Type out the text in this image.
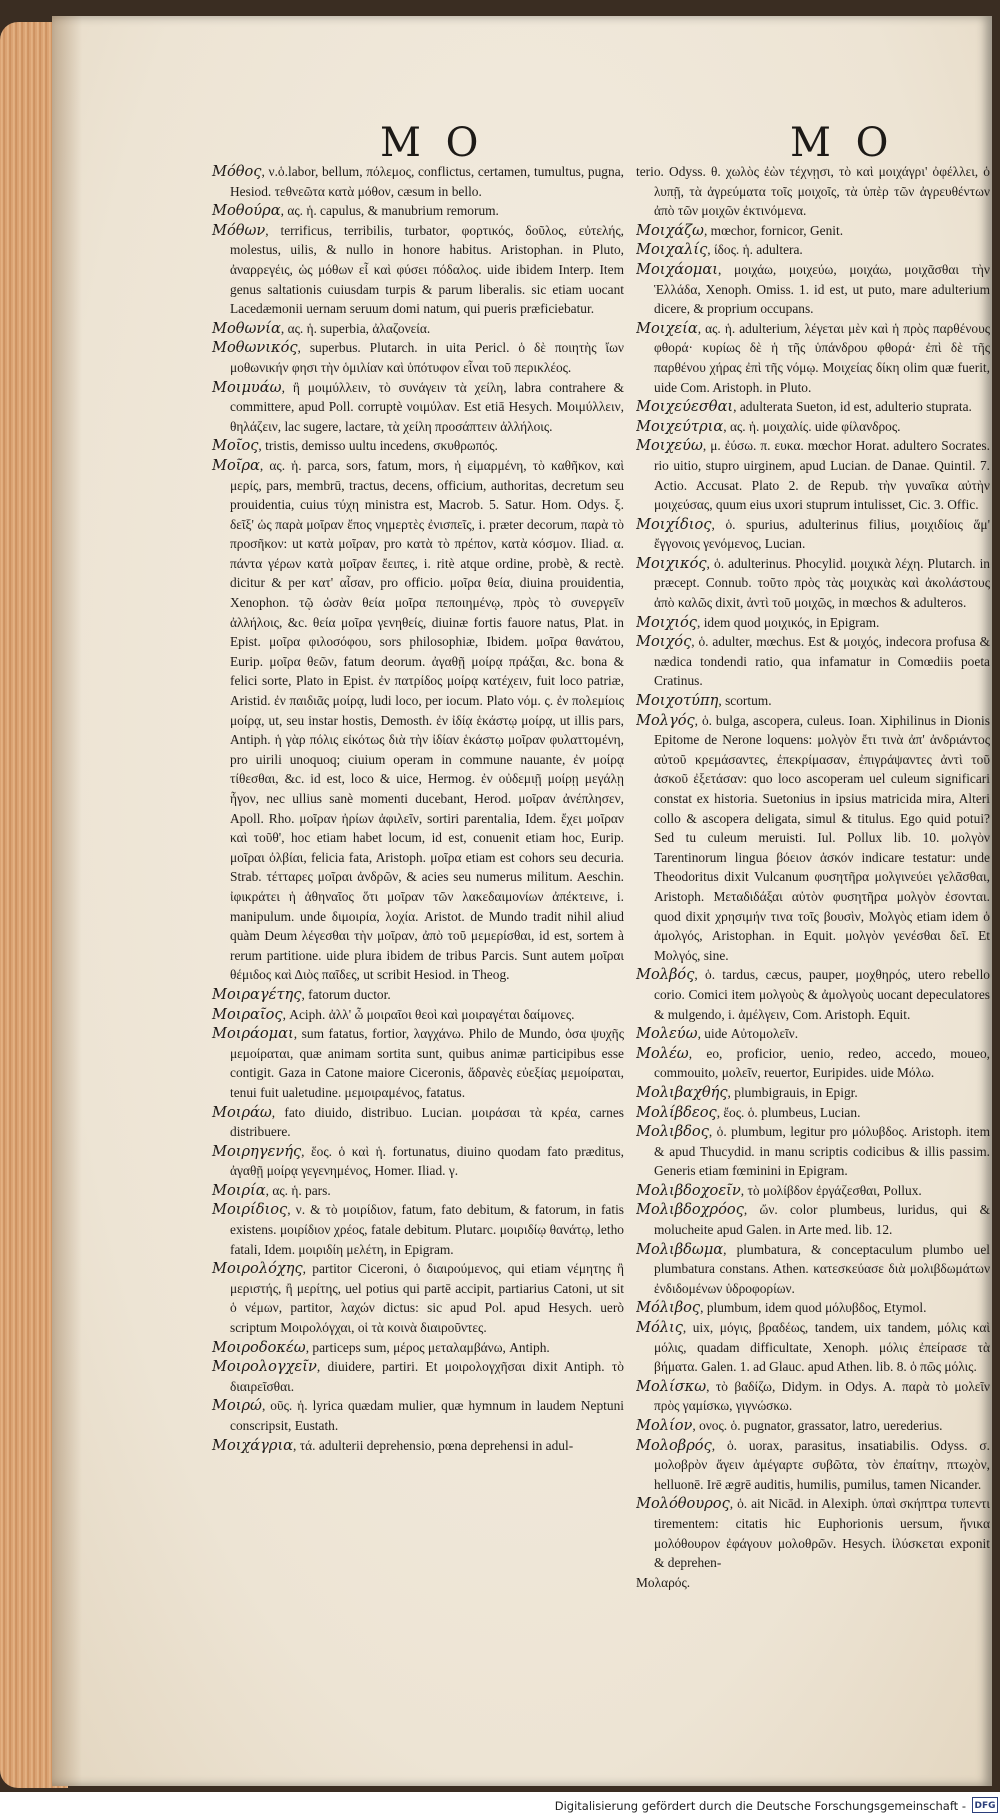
M O	M O

Μόθος, ν.ὁ.labor, bellum, πόλεμος, conflictus, certamen, tumultus, pugna, Hesiod. τεθνεῶτα κατὰ μόθον, cæsum in bello.

Μοθούρα, ας. ἡ. capulus, & manubrium remorum.

Μόθων, terrificus, terribilis, turbator, φορτικός, δοῦλος, εὐτελής, molestus, uilis, & nullo in honore habitus. Aristophan. in Pluto, ἀναρρεγέις, ὡς μόθων εἶ καὶ φύσει πόδαλος. uide ibidem Interp. Item genus saltationis cuiusdam turpis & parum liberalis. sic etiam uocant Lacedæmonii uernam seruum domi natum, qui pueris præficiebatur.

Μοθωνία, ας. ἡ. superbia, ἀλαζονεία.

Μοθωνικός, superbus. Plutarch. in uita Pericl. ὁ δὲ ποιητὴς ἴων μοθωνικήν φησι τὴν ὁμιλίαν καὶ ὑπότυφον εἶναι τοῦ περικλέος.

Μοιμυάω, ἢ μοιμύλλειν, τὸ συνάγειν τὰ χείλη, labra contrahere & committere, apud Poll. corruptè νοιμύλαν. Est etiā Hesych. Μοιμύλλειν, θηλάζειν, lac sugere, lactare, τὰ χείλη προσάπτειν ἀλλήλοις.

Μοῖος, tristis, demisso uultu incedens, σκυθρωπός.

Μοῖρα, ας. ἡ. parca, sors, fatum, mors, ἡ εἱμαρμένη, τὸ καθῆκον, καὶ μερίς, pars, membrū, tractus, decens, officium, authoritas, decretum seu prouidentia, cuius τύχη ministra est, Macrob. 5. Satur. Hom. Odys. ξ. δεῖξ' ὡς παρὰ μοῖραν ἔπος νημερτὲς ἐνισπεῖς, i. præter decorum, παρὰ τὸ προσῆκον: ut κατὰ μοῖραν, pro κατὰ τὸ πρέπον, κατὰ κόσμον. Iliad. α. πάντα γέρων κατὰ μοῖραν ἔειπες, i. ritè atque ordine, probè, & rectè. dicitur & per κατ' αἶσαν, pro officio. μοῖρα θεία, diuina prouidentia, Xenophon. τῷ ὡσὰν θεία μοῖρα πεποιημένῳ, πρὸς τὸ συνεργεῖν ἀλλήλοις, &c. θεία μοῖρα γενηθείς, diuinæ fortis fauore natus, Plat. in Epist. μοῖρα φιλοσόφου, sors philosophiæ, Ibidem. μοῖρα θανάτου, Eurip. μοῖρα θεῶν, fatum deorum. ἀγαθῇ μοίρᾳ πράξαι, &c. bona & felici sorte, Plato in Epist. ἐν πατρίδος μοίρᾳ κατέχειν, fuit loco patriæ, Aristid. ἐν παιδιᾶς μοίρᾳ, ludi loco, per iocum. Plato νόμ. ς. ἐν πολεμίοις μοίρᾳ, ut, seu instar hostis, Demosth. ἐν ἰδίᾳ ἑκάστῳ μοίρᾳ, ut illis pars, Antiph. ἡ γὰρ πόλις εἰκότως διὰ τὴν ἰδίαν ἑκάστῳ μοῖραν φυλαττομένη, pro uirili unoquoq; ciuium operam in commune nauante, ἐν μοίρᾳ τίθεσθαι, &c. id est, loco & uice, Hermog. ἐν οὐδεμιῇ μοίρῃ μεγάλῃ ἦγον, nec ullius sanè momenti ducebant, Herod. μοῖραν ἀνέπλησεν, Apoll. Rho. μοῖραν ἠρίων ἀφιλεῖν, sortiri parentalia, Idem. ἔχει μοῖραν καὶ τοῦθ', hoc etiam habet locum, id est, conuenit etiam hoc, Eurip. μοῖραι ὀλβίαι, felicia fata, Aristoph. μοῖρα etiam est cohors seu decuria. Strab. τέτταρες μοῖραι ἀνδρῶν, & acies seu numerus militum. Aeschin. ἰφικράτει ἡ ἀθηναῖος ὅτι μοῖραν τῶν λακεδαιμονίων ἀπέκτεινε, i. manipulum. unde διμοιρία, λοχία. Aristot. de Mundo tradit nihil aliud quàm Deum λέγεσθαι τὴν μοῖραν, ἀπὸ τοῦ μεμερίσθαι, id est, sortem à rerum partitione. uide plura ibidem de tribus Parcis. Sunt autem μοῖραι θέμιδος καὶ Διὸς παῖδες, ut scribit Hesiod. in Theog.

Μοιραγέτης, fatorum ductor.

Μοιραῖος, Aciph. ἀλλ' ὦ μοιραῖοι θεοὶ καὶ μοιραγέται δαίμονες.

Μοιράομαι, sum fatatus, fortior, λαγχάνω. Philo de Mundo, ὁσα ψυχῆς μεμοίραται, quæ animam sortita sunt, quibus animæ participibus esse contigit. Gaza in Catone maiore Ciceronis, ἄδρανὲς εὐεξίας μεμοίραται, tenui fuit ualetudine. μεμοιραμένος, fatatus.

Μοιράω, fato diuido, distribuo. Lucian. μοιράσαι τὰ κρέα, carnes distribuere.

Μοιρηγενής, ἕος. ὁ καὶ ἡ. fortunatus, diuino quodam fato præditus, ἀγαθῇ μοίρᾳ γεγενημένος, Homer. Iliad. γ.

Μοιρία, ας. ἡ. pars.

Μοιρίδιος, ν. & τὸ μοιρίδιον, fatum, fato debitum, & fatorum, in fatis existens. μοιρίδιον χρέος, fatale debitum. Plutarc. μοιριδίῳ θανάτῳ, letho fatali, Idem. μοιριδίη μελέτη, in Epigram.

Μοιρολόχης, partitor Ciceroni, ὁ διαιρούμενος, qui etiam νέμητης ἢ μεριστής, ἢ μερίτης, uel potius qui partē accipit, partiarius Catoni, ut sit ὁ νέμων, partitor, λαχών dictus: sic apud Pol. apud Hesych. uerò scriptum Μοιρολόγχαι, οἱ τὰ κοινὰ διαιροῦντες.

Μοιροδοκέω, particeps sum, μέρος μεταλαμβάνω, Antiph.

Μοιρολογχεῖν, diuidere, partiri. Et μοιρολογχῆσαι dixit Antiph. τὸ διαιρεῖσθαι.

Μοιρώ, οῦς. ἡ. lyrica quædam mulier, quæ hymnum in laudem Neptuni conscripsit, Eustath.

Μοιχάγρια, τά. adulterii deprehensio, pœna deprehensi in adul-

terio. Odyss. θ. χωλὸς ἐὼν τέχνῃσι, τὸ καὶ μοιχάγρι' ὀφέλλει, ὁ λυπῇ, τὰ ἀγρεύματα τοῖς μοιχοῖς, τὰ ὑπὲρ τῶν ἀγρευθέντων ἀπὸ τῶν μοιχῶν ἐκτινόμενα.

Μοιχάζω, mœchor, fornicor, Genit.

Μοιχαλίς, ίδος. ἡ. adultera.

Μοιχάομαι, μοιχάω, μοιχεύω, μοιχάω, μοιχᾶσθαι τὴν Ἑλλάδα, Xenoph. Omiss. 1. id est, ut puto, mare adulterium dicere, & proprium occupans.

Μοιχεία, ας. ἡ. adulterium, λέγεται μὲν καὶ ἡ πρὸς παρθένους φθορά· κυρίως δὲ ἡ τῆς ὑπάνδρου φθορά· ἐπὶ δὲ τῆς παρθένου χήρας ἐπὶ τῆς νόμῳ. Μοιχείας δίκη olim quæ fuerit, uide Com. Aristoph. in Pluto.

Μοιχεύεσθαι, adulterata Sueton, id est, adulterio stuprata.

Μοιχεύτρια, ας. ἡ. μοιχαλίς. uide φίλανδρος.

Μοιχεύω, μ. ἐύσω. π. ευκα. mœchor Horat. adultero Socrates. rio uitio, stupro uirginem, apud Lucian. de Danae. Quintil. 7. Actio. Accusat. Plato 2. de Repub. τὴν γυναῖκα αὐτὴν μοιχεύσας, quum eius uxori stuprum intulisset, Cic. 3. Offic.

Μοιχίδιος, ὁ. spurius, adulterinus filius, μοιχιδίοις ἅμ' ἔγγονοις γενόμενος, Lucian.

Μοιχικός, ὁ. adulterinus. Phocylid. μοιχικὰ λέχη. Plutarch. in præcept. Connub. τοῦτο πρὸς τὰς μοιχικὰς καὶ ἀκολάστους ἀπὸ καλῶς dixit, ἀντὶ τοῦ μοιχῶς, in mœchos & adulteros.

Μοιχιός, idem quod μοιχικός, in Epigram.

Μοιχός, ὁ. adulter, mœchus. Est & μοιχός, indecora profusa & nædica tondendi ratio, qua infamatur in Comœdiis poeta Cratinus.

Μοιχοτύπη, scortum.

Μολγός, ὁ. bulga, ascopera, culeus. Ioan. Xiphilinus in Dionis Epitome de Nerone loquens: μολγὸν ἔτι τινὰ ἀπ' ἀνδριάντος αὐτοῦ κρεμάσαντες, ἐπεκρίμασαν, ἐπιγράψαντες ἀντὶ τοῦ ἀσκοῦ ἐξετάσαν: quo loco ascoperam uel culeum significari constat ex historia. Suetonius in ipsius matricida mira, Alteri collo & ascopera deligata, simul & titulus. Ego quid potui? Sed tu culeum meruisti. Iul. Pollux lib. 10. μολγὸν Tarentinorum lingua βόειον ἀσκόν indicare testatur: unde Theodoritus dixit Vulcanum φυσητῆρα μολγινεύει γελᾶσθαι, Aristoph. Μεταδιδάξαι αὐτὸν φυσητῆρα μολγὸν ἐσονται. quod dixit χρησιμήν τινα τοῖς βουσὶν, Μολγὸς etiam idem ὁ ἀμολγός, Aristophan. in Equit. μολγὸν γενέσθαι δεῖ. Et Μολγός, sine.

Μολβός, ὁ. tardus, cæcus, pauper, μοχθηρός, utero rebello corio. Comici item μολγοὺς & ἀμολγοὺς uocant depeculatores & mulgendo, i. ἀμέλγειν, Com. Aristoph. Equit.

Μολεύω, uide Αὐτομολεῖν.

Μολέω, eo, proficior, uenio, redeo, accedo, moueo, commouito, μολεῖν, reuertor, Euripides. uide Μόλω.

Μολιβαχθής, plumbigrauis, in Epigr.

Μολίβδεος, ἔος. ὁ. plumbeus, Lucian.

Μολιβδος, ὁ. plumbum, legitur pro μόλυβδος. Aristoph. item & apud Thucydid. in manu scriptis codicibus & illis passim. Generis etiam fœminini in Epigram.

Μολιβδοχοεῖν, τὸ μολίβδον ἐργάζεσθαι, Pollux.

Μολιβδοχρόος, ὤν. color plumbeus, luridus, qui & molucheite apud Galen. in Arte med. lib. 12.

Μολιβδωμα, plumbatura, & conceptaculum plumbo uel plumbatura constans. Athen. κατεσκεύασε διὰ μολιβδωμάτων ἐνδιδομένων ὑδροφορίων.

Μόλιβος, plumbum, idem quod μόλυβδος, Etymol.

Μόλις, uix, μόγις, βραδέως, tandem, uix tandem, μόλις καὶ μόλις, quadam difficultate, Xenoph. μόλις ἐπείρασε τὰ βήματα. Galen. 1. ad Glauc. apud Athen. lib. 8. ὁ πῶς μόλις.

Μολίσκω, τὸ βαδίζω, Didym. in Odys. A. παρὰ τὸ μολεῖν πρὸς γαμίσκω, γιγνώσκω.

Μολίον, ονος. ὁ. pugnator, grassator, latro, uerederius.

Μολοβρός, ὁ. uorax, parasitus, insatiabilis. Odyss. σ. μολοβρὸν ἄγειν ἀμέγαρτε συβῶτα, τὸν ἐπαίτην, πτωχὸν, helluonē. Irē ægrē auditis, humilis, pumilus, tamen Nicander.

Μολόθουρος, ὁ. ait Nicād. in Alexiph. ὑπαὶ σκήπτρα τυπεντι tirementem: citatis hic Euphorionis uersum, ἤνικα μολόθουρον ἐφάγουν μολοθρῶν. Hesych. ἰλύσκεται exponit & deprehen-

Μολαρός.

Digitalisierung gefördert durch die Deutsche Forschungsgemeinschaft - DFG
